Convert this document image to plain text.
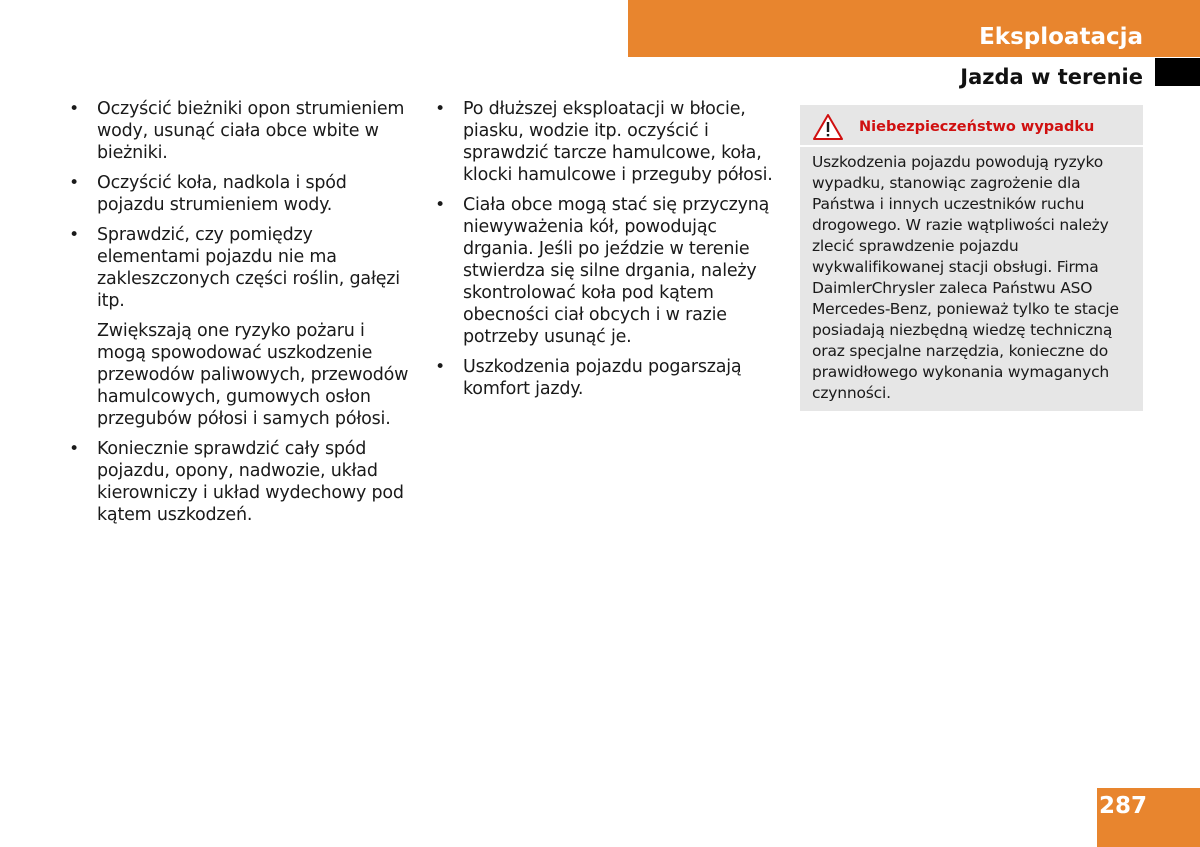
Eksploatacja
Jazda w terenie
• Oczyścić bieżniki opon strumieniem wody, usunąć ciała obce wbite w bieżniki.
• Oczyścić koła, nadkola i spód pojazdu strumieniem wody.
• Sprawdzić, czy pomiędzy elementami pojazdu nie ma zakleszczonych części roślin, gałęzi itp.
Zwiększają one ryzyko pożaru i mogą spowodować uszkodzenie przewodów paliwowych, przewodów hamulcowych, gumowych osłon przegubów półosi i samych półosi.
• Koniecznie sprawdzić cały spód pojazdu, opony, nadwozie, układ kierowniczy i układ wydechowy pod kątem uszkodzeń.
• Po dłuższej eksploatacji w błocie, piasku, wodzie itp. oczyścić i sprawdzić tarcze hamulcowe, koła, klocki hamulcowe i przeguby półosi.
• Ciała obce mogą stać się przyczyną niewyważenia kół, powodując drgania. Jeśli po jeździe w terenie stwierdza się silne drgania, należy skontrolować koła pod kątem obecności ciał obcych i w razie potrzeby usunąć je.
• Uszkodzenia pojazdu pogarszają komfort jazdy.
Niebezpieczeństwo wypadku
Uszkodzenia pojazdu powodują ryzyko wypadku, stanowiąc zagrożenie dla Państwa i innych uczestników ruchu drogowego. W razie wątpliwości należy zlecić sprawdzenie pojazdu wykwalifikowanej stacji obsługi. Firma DaimlerChrysler zaleca Państwu ASO Mercedes-Benz, ponieważ tylko te stacje posiadają niezbędną wiedzę techniczną oraz specjalne narzędzia, konieczne do prawidłowego wykonania wymaganych czynności.
287
